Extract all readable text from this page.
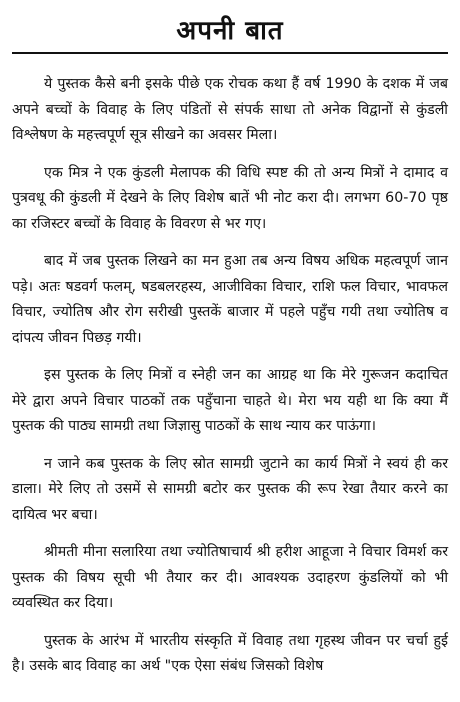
अपनी बात

ये पुस्तक कैसे बनी इसके पीछे एक रोचक कथा हैं वर्ष 1990 के दशक में जब अपने बच्चों के विवाह के लिए पंडितों से संपर्क साधा तो अनेक विद्वानों से कुंडली विश्लेषण के महत्त्वपूर्ण सूत्र सीखने का अवसर मिला।

एक मित्र ने एक कुंडली मेलापक की विधि स्पष्ट की तो अन्य मित्रों ने दामाद व पुत्रवधू की कुंडली में देखने के लिए विशेष बातें भी नोट करा दी। लगभग 60-70 पृष्ठ का रजिस्टर बच्चों के विवाह के विवरण से भर गए।

बाद में जब पुस्तक लिखने का मन हुआ तब अन्य विषय अधिक महत्वपूर्ण जान पड़े। अतः षडवर्ग फलम्, षडबलरहस्य, आजीविका विचार, राशि फल विचार, भावफल विचार, ज्योतिष और रोग सरीखी पुस्तकें बाजार में पहले पहुँच गयी तथा ज्योतिष व दांपत्य जीवन पिछड़ गयी।

इस पुस्तक के लिए मित्रों व स्नेही जन का आग्रह था कि मेरे गुरूजन कदाचित मेरे द्वारा अपने विचार पाठकों तक पहुँचाना चाहते थे। मेरा भय यही था कि क्या मैं पुस्तक की पाठ्य सामग्री तथा जिज्ञासु पाठकों के साथ न्याय कर पाऊंगा।

न जाने कब पुस्तक के लिए स्रोत सामग्री जुटाने का कार्य मित्रों ने स्वयं ही कर डाला। मेरे लिए तो उसमें से सामग्री बटोर कर पुस्तक की रूप रेखा तैयार करने का दायित्व भर बचा।

श्रीमती मीना सलारिया तथा ज्योतिषाचार्य श्री हरीश आहूजा ने विचार विमर्श कर पुस्तक की विषय सूची भी तैयार कर दी। आवश्यक उदाहरण कुंडलियों को भी व्यवस्थित कर दिया।

पुस्तक के आरंभ में भारतीय संस्कृति में विवाह तथा गृहस्थ जीवन पर चर्चा हुई है। उसके बाद विवाह का अर्थ "एक ऐसा संबंध जिसको विशेष
